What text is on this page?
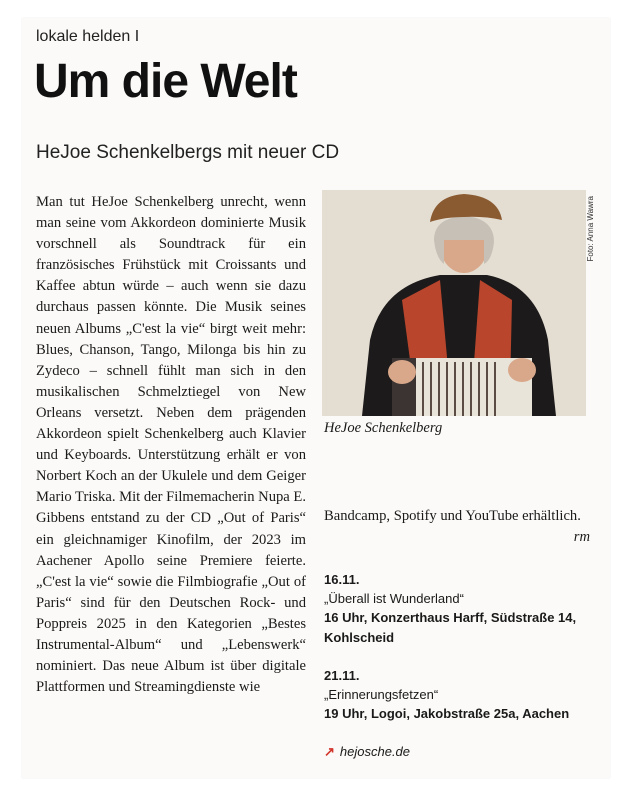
lokale helden I
Um die Welt
HeJoe Schenkelbergs mit neuer CD

Man tut HeJoe Schenkelberg unrecht, wenn man seine vom Akkordeon dominierte Musik vorschnell als Soundtrack für ein französisches Frühstück mit Croissants und Kaffee abtun würde – auch wenn sie dazu durchaus passen könnte. Die Musik seines neuen Albums „C'est la vie“ birgt weit mehr: Blues, Chanson, Tango, Milonga bis hin zu Zydeco – schnell fühlt man sich in den musikalischen Schmelztiegel von New Orleans versetzt. Neben dem prägenden Akkordeon spielt Schenkelberg auch Klavier und Keyboards. Unterstützung erhält er von Norbert Koch an der Ukulele und dem Geiger Mario Triska. Mit der Filmemacherin Nupa E. Gibbens entstand zu der CD „Out of Paris“ ein gleichnamiger Kinofilm, der 2023 im Aachener Apollo seine Premiere feierte. „C'est la vie“ sowie die Filmbiografie „Out of Paris“ sind für den Deutschen Rock- und Poppreis 2025 in den Kategorien „Bestes Instrumental-Album“ und „Lebenswerk“ nominiert. Das neue Album ist über digitale Plattformen und Streamingdienste wie

Foto: Anna Wawra
HeJoe Schenkelberg

Bandcamp, Spotify und YouTube erhältlich.
rm

16.11.
„Überall ist Wunderland“
16 Uhr, Konzerthaus Harff, Südstraße 14, Kohlscheid
21.11.
„Erinnerungsfetzen“
19 Uhr, Logoi, Jakobstraße 25a, Aachen
↗ hejosche.de
